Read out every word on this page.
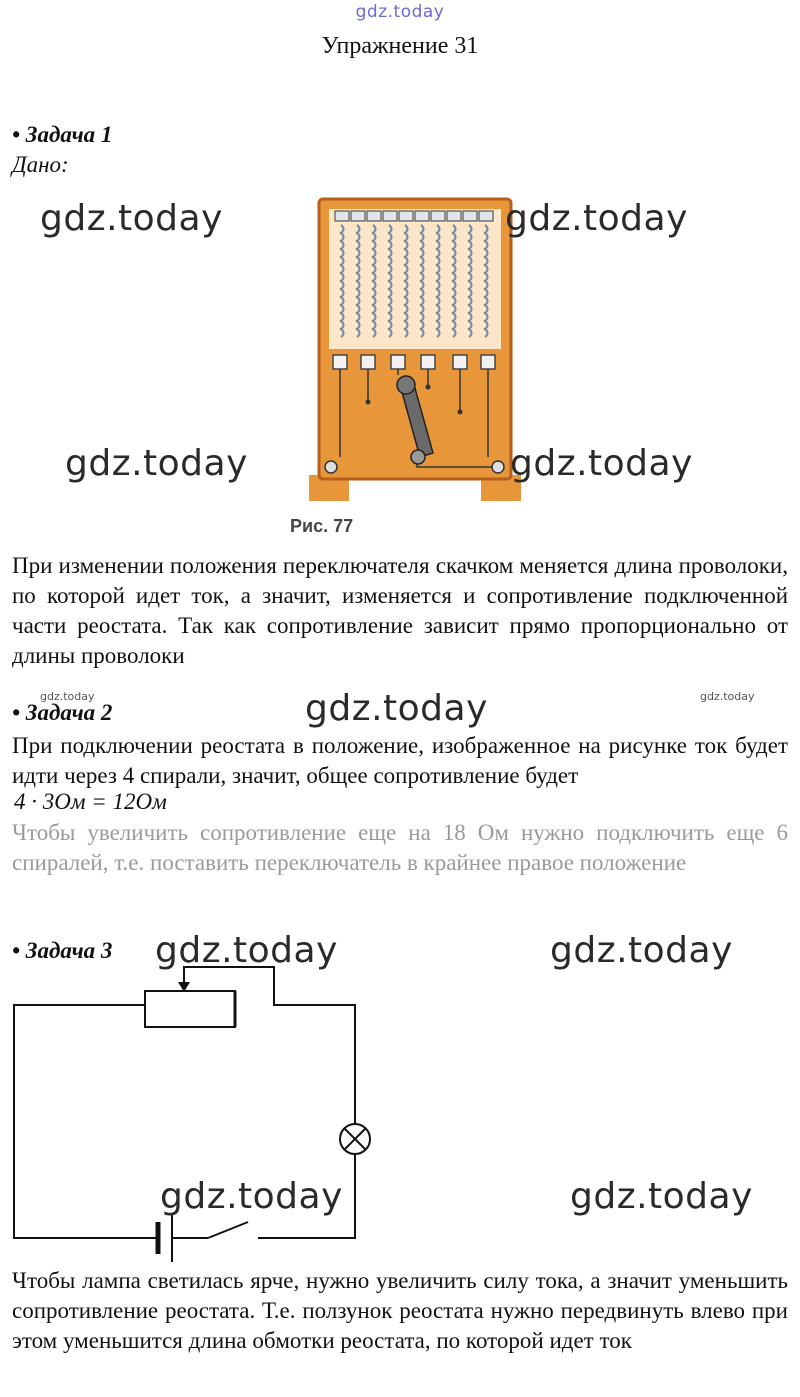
gdz.today
Упражнение 31
• Задача 1
Дано:
Рис. 77
При изменении положения переключателя скачком меняется длина проволоки, по которой идет ток, а значит, изменяется и сопротивление подключенной части реостата. Так как сопротивление зависит прямо пропорционально от длины проволоки
• Задача 2
При подключении реостата в положение, изображенное на рисунке ток будет идти через 4 спирали, значит, общее сопротивление будет
4 · 3Ом = 12Ом
Чтобы увеличить сопротивление еще на 18 Ом нужно подключить еще 6 спиралей, т.е. поставить переключатель в крайнее правое положение
• Задача 3
Чтобы лампа светилась ярче, нужно увеличить силу тока, а значит уменьшить сопротивление реостата. Т.е. ползунок реостата нужно передвинуть влево при этом уменьшится длина обмотки реостата, по которой идет ток
gdz.today	gdz.today
gdz.today	gdz.today
gdz.today	gdz.today
gdz.today
gdz.today	gdz.today
gdz.today	gdz.today
